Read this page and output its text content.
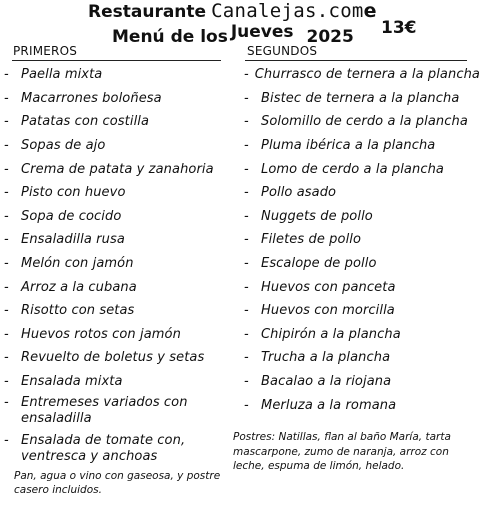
Restaurante Canalejas.come
Menú de los Jueves 2025 13€
PRIMEROS	SEGUNDOS
- Paella mixta
- Macarrones boloñesa
- Patatas con costilla
- Sopas de ajo
- Crema de patata y zanahoria
- Pisto con huevo
- Sopa de cocido
- Ensaladilla rusa
- Melón con jamón
- Arroz a la cubana
- Risotto con setas
- Huevos rotos con jamón
- Revuelto de boletus y setas
- Ensalada mixta
- Entremeses variados con ensaladilla
- Ensalada de tomate con, ventresca y anchoas
- Churrasco de ternera a la plancha
- Bistec de ternera a la plancha
- Solomillo de cerdo a la plancha
- Pluma ibérica a la plancha
- Lomo de cerdo a la plancha
- Pollo asado
- Nuggets de pollo
- Filetes de pollo
- Escalope de pollo
- Huevos con panceta
- Huevos con morcilla
- Chipirón a la plancha
- Trucha a la plancha
- Bacalao a la riojana
- Merluza a la romana
Pan, agua o vino con gaseosa, y postre casero incluidos.
Postres: Natillas, flan al baño María, tarta mascarpone, zumo de naranja, arroz con leche, espuma de limón, helado.
